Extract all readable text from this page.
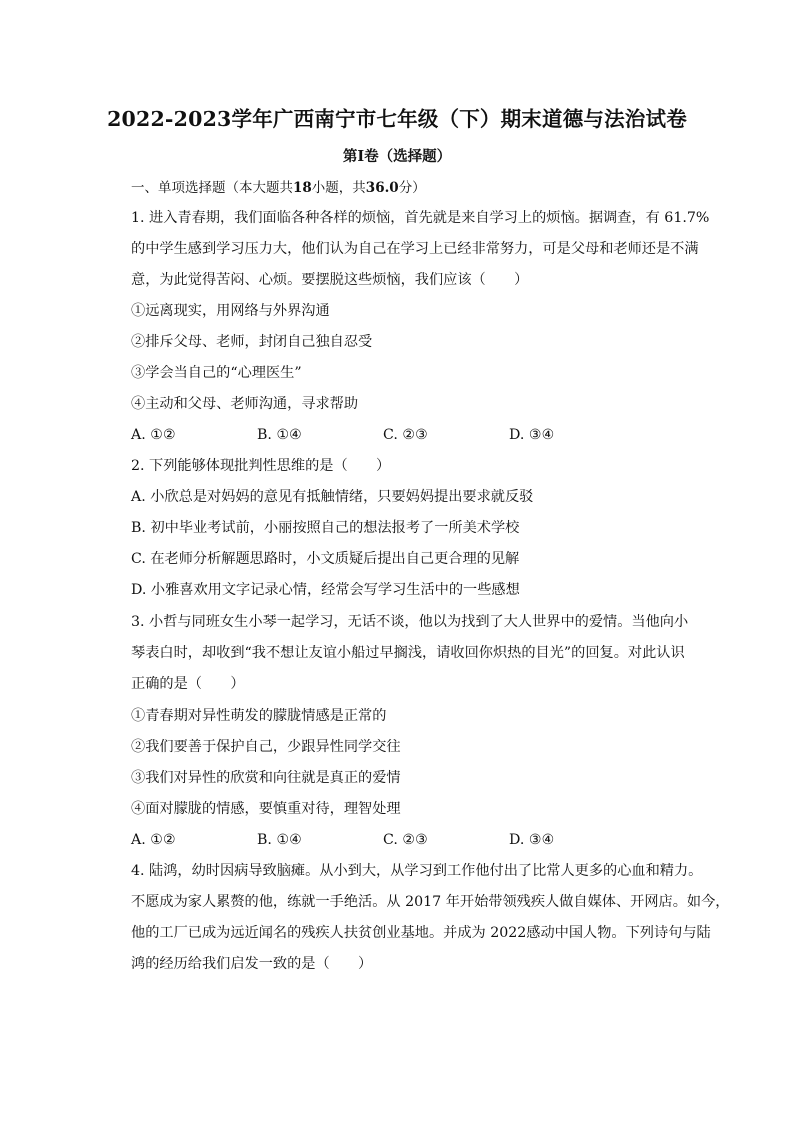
2022-2023学年广西南宁市七年级（下）期末道德与法治试卷
第Ⅰ卷（选择题）
一、单项选择题（本大题共18小题，共36.0分）
1. 进入青春期，我们面临各种各样的烦恼，首先就是来自学习上的烦恼。据调查，有 61.7%
的中学生感到学习压力大，他们认为自己在学习上已经非常努力，可是父母和老师还是不满
意，为此觉得苦闷、心烦。要摆脱这些烦恼，我们应该（　　）
①远离现实，用网络与外界沟通
②排斥父母、老师，封闭自己独自忍受
③学会当自己的“心理医生”
④主动和父母、老师沟通，寻求帮助
A. ①②	B. ①④	C. ②③	D. ③④
2. 下列能够体现批判性思维的是（　　）
A. 小欣总是对妈妈的意见有抵触情绪，只要妈妈提出要求就反驳
B. 初中毕业考试前，小丽按照自己的想法报考了一所美术学校
C. 在老师分析解题思路时，小文质疑后提出自己更合理的见解
D. 小雅喜欢用文字记录心情，经常会写学习生活中的一些感想
3. 小哲与同班女生小琴一起学习，无话不谈，他以为找到了大人世界中的爱情。当他向小
琴表白时，却收到“我不想让友谊小船过早搁浅，请收回你炽热的目光”的回复。对此认识
正确的是（　　）
①青春期对异性萌发的朦胧情感是正常的
②我们要善于保护自己，少跟异性同学交往
③我们对异性的欣赏和向往就是真正的爱情
④面对朦胧的情感，要慎重对待，理智处理
A. ①②	B. ①④	C. ②③	D. ③④
4. 陆鸿，幼时因病导致脑瘫。从小到大，从学习到工作他付出了比常人更多的心血和精力。
不愿成为家人累赘的他，练就一手绝活。从 2017 年开始带领残疾人做自媒体、开网店。如今，
他的工厂已成为远近闻名的残疾人扶贫创业基地。并成为 2022感动中国人物。下列诗句与陆
鸿的经历给我们启发一致的是（　　）
